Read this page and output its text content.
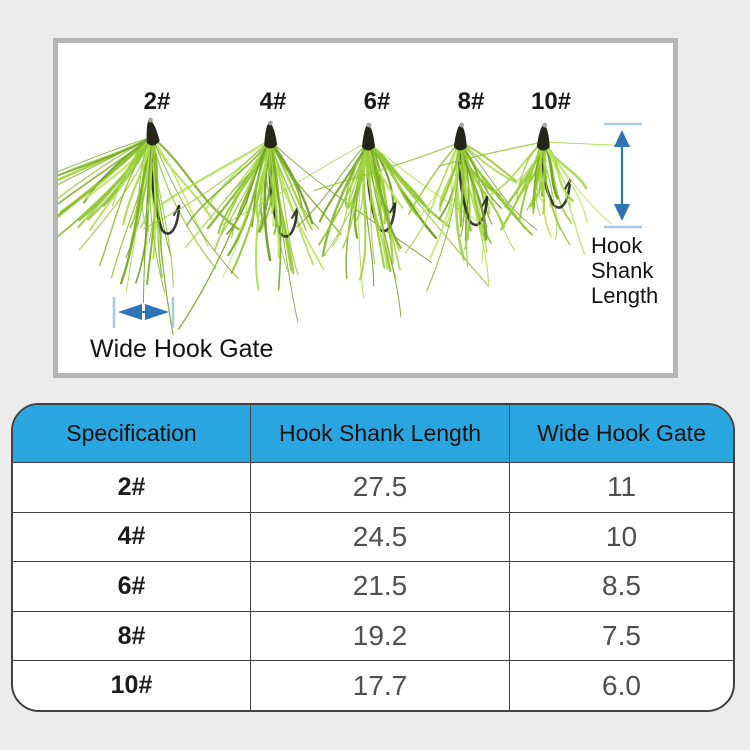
2#	4#	6#	8# 10#
Hook Shank Length
Wide Hook Gate
Specification	Hook Shank Length	Wide Hook Gate
2#	27.5	11
4#	24.5	10
6#	21.5	8.5
8#	19.2	7.5
10#	17.7	6.0
